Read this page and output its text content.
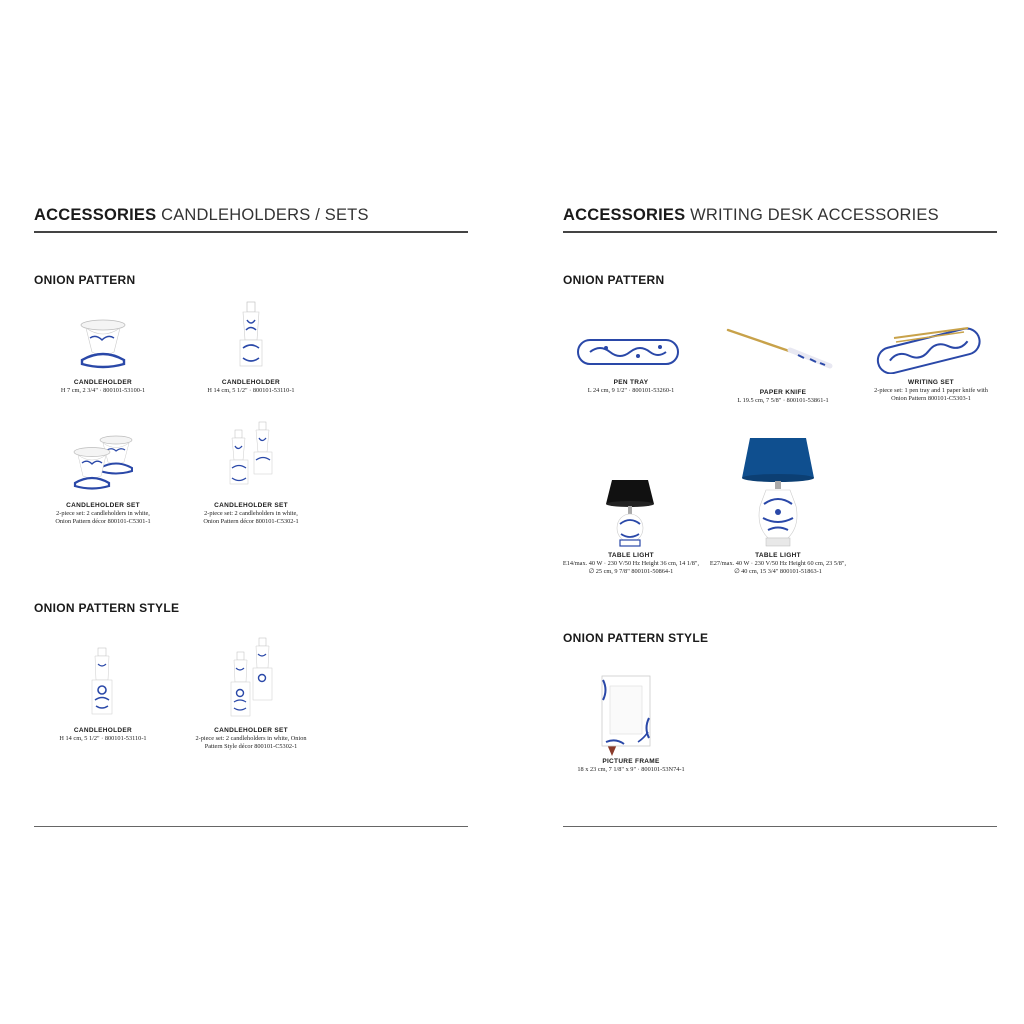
ACCESSORIES CANDLEHOLDERS / SETS
ONION PATTERN
CANDLEHOLDER
H 7 cm, 2 3/4" · 800101-53100-1
CANDLEHOLDER
H 14 cm, 5 1/2" · 800101-53110-1
CANDLEHOLDER SET
2-piece set: 2 candleholders in white, Onion Pattern décor 800101-C5301-1
CANDLEHOLDER SET
2-piece set: 2 candleholders in white, Onion Pattern décor 800101-C5302-1
ONION PATTERN STYLE
CANDLEHOLDER
H 14 cm, 5 1/2" · 800101-53110-1
CANDLEHOLDER SET
2-piece set: 2 candleholders in white, Onion Pattern Style décor 800101-C5302-1
ACCESSORIES WRITING DESK ACCESSORIES
ONION PATTERN
PEN TRAY
L 24 cm, 9 1/2" · 800101-53260-1	PAPER KNIFE
L 19.5 cm, 7 5/8" · 800101-53861-1
WRITING SET
2-piece set: 1 pen tray and 1 paper knife with Onion Pattern 800101-C5303-1
TABLE LIGHT
E14/max. 40 W · 230 V/50 Hz Height 36 cm, 14 1/8", ∅ 25 cm, 9 7/8" 800101-50864-1
TABLE LIGHT
E27/max. 40 W · 230 V/50 Hz Height 60 cm, 23 5/8", ∅ 40 cm, 15 3/4" 800101-51863-1
ONION PATTERN STYLE
PICTURE FRAME
18 x 23 cm, 7 1/8" x 9" · 800101-53N74-1
